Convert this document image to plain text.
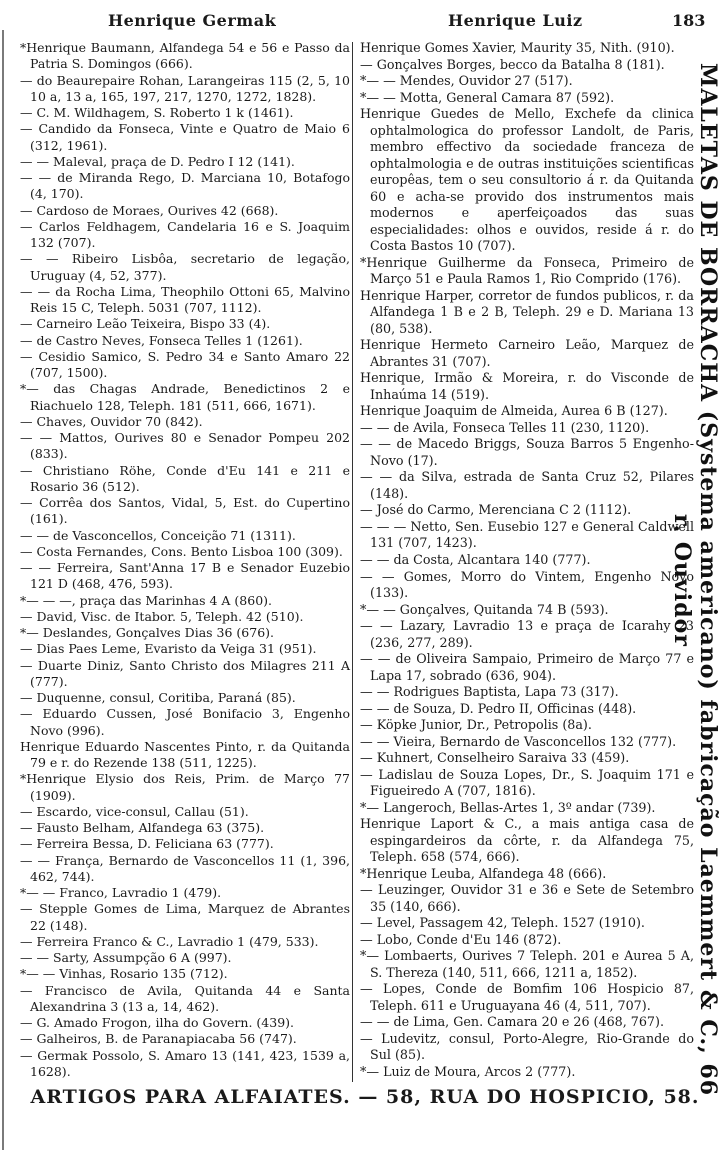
Henrique Germak	Henrique Luiz	183

*Henrique Baumann, Alfandega 54 e 56 e Passo da Patria S. Domingos (666).

— do Beaurepaire Rohan, Larangeiras 115 (2, 5, 10 10 a, 13 a, 165, 197, 217, 1270, 1272, 1828).

— C. M. Wildhagem, S. Roberto 1 k (1461).

— Candido da Fonseca, Vinte e Quatro de Maio 6 (312, 1961).

— — Maleval, praça de D. Pedro I 12 (141).

— — de Miranda Rego, D. Marciana 10, Botafogo (4, 170).

— Cardoso de Moraes, Ourives 42 (668).

— Carlos Feldhagem, Candelaria 16 e S. Joaquim 132 (707).

— — Ribeiro Lisbôa, secretario de legação, Uruguay (4, 52, 377).

— — da Rocha Lima, Theophilo Ottoni 65, Malvino Reis 15 C, Teleph. 5031 (707, 1112).

— Carneiro Leão Teixeira, Bispo 33 (4).

— de Castro Neves, Fonseca Telles 1 (1261).

— Cesidio Samico, S. Pedro 34 e Santo Amaro 22 (707, 1500).

*— das Chagas Andrade, Benedictinos 2 e Riachuelo 128, Teleph. 181 (511, 666, 1671).

— Chaves, Ouvidor 70 (842).

— — Mattos, Ourives 80 e Senador Pompeu 202 (833).

— Christiano Röhe, Conde d'Eu 141 e 211 e Rosario 36 (512).

— Corrêa dos Santos, Vidal, 5, Est. do Cupertino (161).

— — de Vasconcellos, Conceição 71 (1311).

— Costa Fernandes, Cons. Bento Lisboa 100 (309).

— — Ferreira, Sant'Anna 17 B e Senador Euzebio 121 D (468, 476, 593).

*— — —, praça das Marinhas 4 A (860).

— David, Visc. de Itabor. 5, Teleph. 42 (510).

*— Deslandes, Gonçalves Dias 36 (676).

— Dias Paes Leme, Evaristo da Veiga 31 (951).

— Duarte Diniz, Santo Christo dos Milagres 211 A (777).

— Duquenne, consul, Coritiba, Paraná (85).

— Eduardo Cussen, José Bonifacio 3, Engenho Novo (996).

Henrique Eduardo Nascentes Pinto, r. da Quitanda 79 e r. do Rezende 138 (511, 1225).

*Henrique Elysio dos Reis, Prim. de Março 77 (1909).

— Escardo, vice-consul, Callau (51).

— Fausto Belham, Alfandega 63 (375).

— Ferreira Bessa, D. Feliciana 63 (777).

— — França, Bernardo de Vasconcellos 11 (1, 396, 462, 744).

*— — Franco, Lavradio 1 (479).

— Stepple Gomes de Lima, Marquez de Abrantes 22 (148).

— Ferreira Franco & C., Lavradio 1 (479, 533).

— — Sarty, Assumpção 6 A (997).

*— — Vinhas, Rosario 135 (712).

— Francisco de Avila, Quitanda 44 e Santa Alexandrina 3 (13 a, 14, 462).

— G. Amado Frogon, ilha do Govern. (439).

— Galheiros, B. de Paranapiacaba 56 (747).

— Germak Possolo, S. Amaro 13 (141, 423, 1539 a, 1628).

Henrique Gomes Xavier, Maurity 35, Nith. (910).

— Gonçalves Borges, becco da Batalha 8 (181).

*— — Mendes, Ouvidor 27 (517).

*— — Motta, General Camara 87 (592).

Henrique Guedes de Mello, Exchefe da clinica ophtalmologica do professor Landolt, de Paris, membro effectivo da sociedade franceza de ophtalmologia e de outras instituições scientificas europêas, tem o seu consultorio á r. da Quitanda 60 e acha-se provido dos instrumentos mais modernos e aperfeiçoados das suas especialidades: olhos e ouvidos, reside á r. do Costa Bastos 10 (707).

*Henrique Guilherme da Fonseca, Primeiro de Março 51 e Paula Ramos 1, Rio Comprido (176).

Henrique Harper, corretor de fundos publicos, r. da Alfandega 1 B e 2 B, Teleph. 29 e D. Mariana 13 (80, 538).

Henrique Hermeto Carneiro Leão, Marquez de Abrantes 31 (707).

Henrique, Irmão & Moreira, r. do Visconde de Inhaúma 14 (519).

Henrique Joaquim de Almeida, Aurea 6 B (127).

— — de Avila, Fonseca Telles 11 (230, 1120).

— — de Macedo Briggs, Souza Barros 5 Engenho-Novo (17).

— — da Silva, estrada de Santa Cruz 52, Pilares (148).

— José do Carmo, Merenciana C 2 (1112).

— — — Netto, Sen. Eusebio 127 e General Caldwell 131 (707, 1423).

— — da Costa, Alcantara 140 (777).

— — Gomes, Morro do Vintem, Engenho Novo (133).

*— — Gonçalves, Quitanda 74 B (593).

— — Lazary, Lavradio 13 e praça de Icarahy 23 (236, 277, 289).

— — de Oliveira Sampaio, Primeiro de Março 77 e Lapa 17, sobrado (636, 904).

— — Rodrigues Baptista, Lapa 73 (317).

— — de Souza, D. Pedro II, Officinas (448).

— Köpke Junior, Dr., Petropolis (8a).

— — Vieira, Bernardo de Vasconcellos 132 (777).

— Kuhnert, Conselheiro Saraiva 33 (459).

— Ladislau de Souza Lopes, Dr., S. Joaquim 171 e Figueiredo A (707, 1816).

*— Langeroch, Bellas-Artes 1, 3º andar (739).

Henrique Laport & C., a mais antiga casa de espingardeiros da côrte, r. da Alfandega 75, Teleph. 658 (574, 666).

*Henrique Leuba, Alfandega 48 (666).

— Leuzinger, Ouvidor 31 e 36 e Sete de Setembro 35 (140, 666).

— Level, Passagem 42, Teleph. 1527 (1910).

— Lobo, Conde d'Eu 146 (872).

*— Lombaerts, Ourives 7 Teleph. 201 e Aurea 5 A, S. Thereza (140, 511, 666, 1211 a, 1852).

— Lopes, Conde de Bomfim 106 Hospicio 87, Teleph. 611 e Uruguayana 46 (4, 511, 707).

— — de Lima, Gen. Camara 20 e 26 (468, 767).

— Ludevitz, consul, Porto-Alegre, Rio-Grande do Sul (85).

*— Luiz de Moura, Arcos 2 (777).	MALETAS DE BORRACHA (Systema americano) fabricação Laemmert & C., 66 r. Ouvidor
ARTIGOS PARA ALFAIATES. — 58, RUA DO HOSPICIO, 58.
